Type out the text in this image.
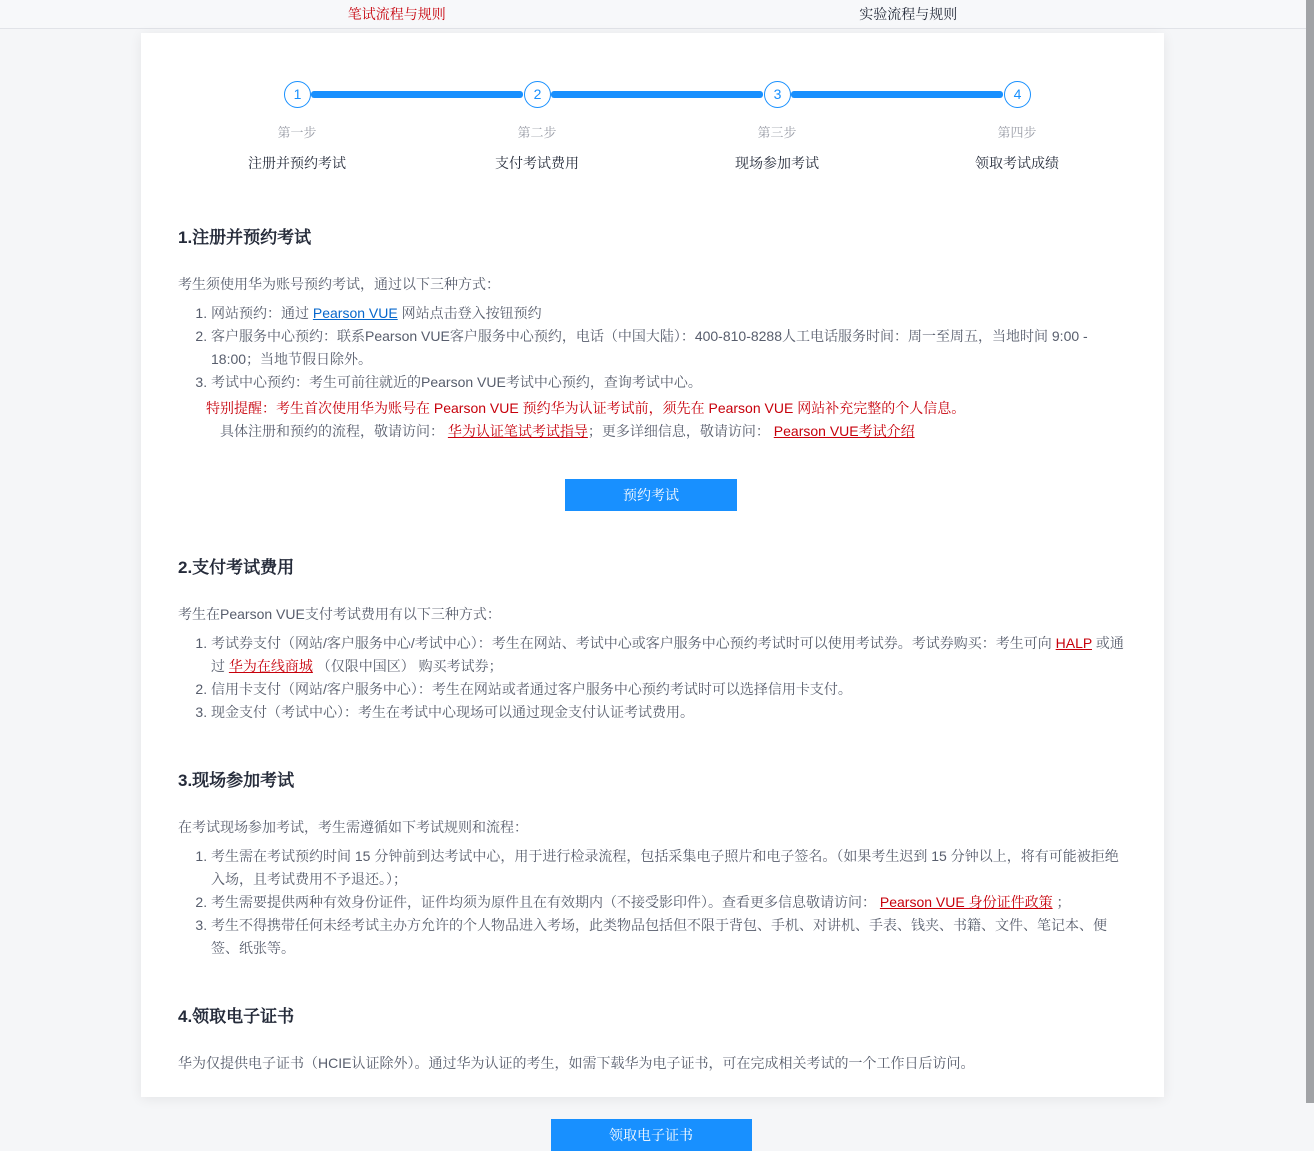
笔试流程与规则	实验流程与规则
1	2	3	4
第一步	第二步	第三步	第四步
注册并预约考试	支付考试费用	现场参加考试	领取考试成绩
1.注册并预约考试

考生须使用华为账号预约考试，通过以下三种方式：

1. 网站预约：通过 Pearson VUE 网站点击登入按钮预约
2. 客户服务中心预约：联系Pearson VUE客户服务中心预约，电话（中国大陆）：400-810-8288人工电话服务时间：周一至周五，当地时间 9:00 - 18:00；当地节假日除外。
3. 考试中心预约：考生可前往就近的Pearson VUE考试中心预约，查询考试中心。

特别提醒：考生首次使用华为账号在 Pearson VUE 预约华为认证考试前，须先在 Pearson VUE 网站补充完整的个人信息。

具体注册和预约的流程，敬请访问： 华为认证笔试考试指导；更多详细信息，敬请访问： Pearson VUE考试介绍

预约考试
2.支付考试费用

考生在Pearson VUE支付考试费用有以下三种方式：

1. 考试券支付（网站/客户服务中心/考试中心）：考生在网站、考试中心或客户服务中心预约考试时可以使用考试券。考试券购买：考生可向 HALP 或通过 华为在线商城 （仅限中国区） 购买考试券；
2. 信用卡支付（网站/客户服务中心）：考生在网站或者通过客户服务中心预约考试时可以选择信用卡支付。
3. 现金支付（考试中心）：考生在考试中心现场可以通过现金支付认证考试费用。
3.现场参加考试

在考试现场参加考试，考生需遵循如下考试规则和流程：

1. 考生需在考试预约时间 15 分钟前到达考试中心，用于进行检录流程，包括采集电子照片和电子签名。（如果考生迟到 15 分钟以上，将有可能被拒绝入场，且考试费用不予退还。）；
2. 考生需要提供两种有效身份证件，证件均须为原件且在有效期内（不接受影印件）。查看更多信息敬请访问： Pearson VUE 身份证件政策 ；
3. 考生不得携带任何未经考试主办方允许的个人物品进入考场，此类物品包括但不限于背包、手机、对讲机、手表、钱夹、书籍、文件、笔记本、便签、纸张等。
4.领取电子证书

华为仅提供电子证书（HCIE认证除外）。通过华为认证的考生，如需下载华为电子证书，可在完成相关考试的一个工作日后访问。

领取电子证书
